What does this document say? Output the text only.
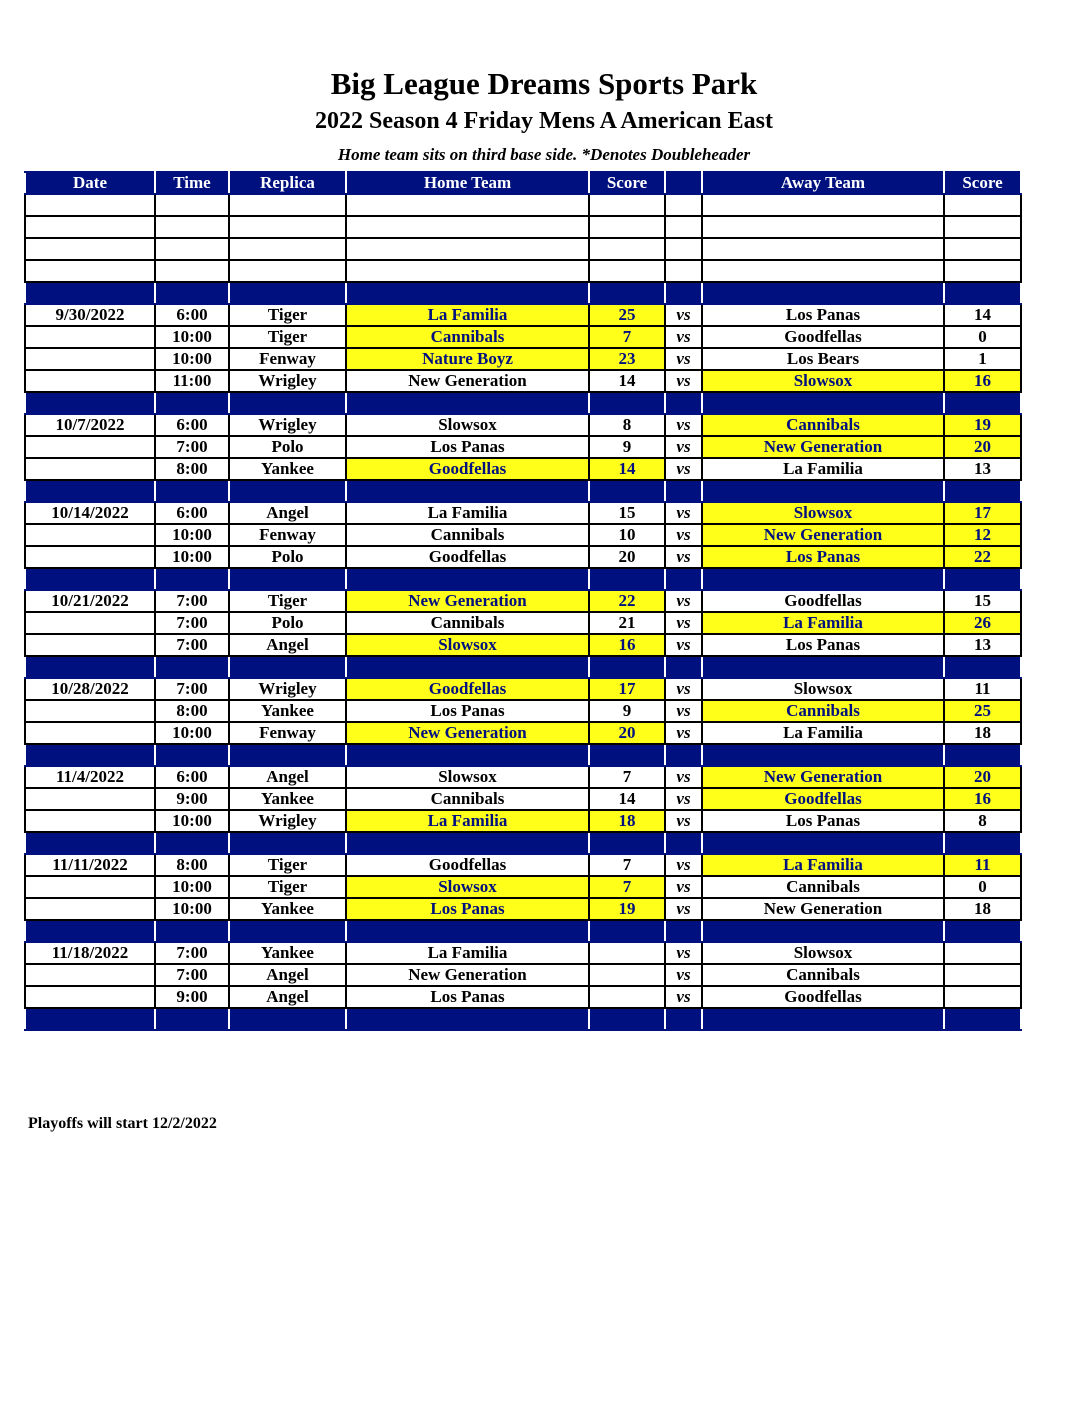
Big League Dreams Sports Park
2022 Season 4 Friday Mens A American East
Home team sits on third base side. *Denotes Doubleheader
Date	Time	Replica	Home Team	Score		Away Team	Score

9/30/2022	6:00	Tiger	La Familia	25	vs	Los Panas	14
	10:00	Tiger	Cannibals	7	vs	Goodfellas	0
	10:00	Fenway	Nature Boyz	23	vs	Los Bears	1
	11:00	Wrigley	New Generation	14	vs	Slowsox	16

10/7/2022	6:00	Wrigley	Slowsox	8	vs	Cannibals	19
	7:00	Polo	Los Panas	9	vs	New Generation	20
	8:00	Yankee	Goodfellas	14	vs	La Familia	13

10/14/2022	6:00	Angel	La Familia	15	vs	Slowsox	17
	10:00	Fenway	Cannibals	10	vs	New Generation	12
	10:00	Polo	Goodfellas	20	vs	Los Panas	22

10/21/2022	7:00	Tiger	New Generation	22	vs	Goodfellas	15
	7:00	Polo	Cannibals	21	vs	La Familia	26
	7:00	Angel	Slowsox	16	vs	Los Panas	13

10/28/2022	7:00	Wrigley	Goodfellas	17	vs	Slowsox	11
	8:00	Yankee	Los Panas	9	vs	Cannibals	25
	10:00	Fenway	New Generation	20	vs	La Familia	18

11/4/2022	6:00	Angel	Slowsox	7	vs	New Generation	20
	9:00	Yankee	Cannibals	14	vs	Goodfellas	16
	10:00	Wrigley	La Familia	18	vs	Los Panas	8

11/11/2022	8:00	Tiger	Goodfellas	7	vs	La Familia	11
	10:00	Tiger	Slowsox	7	vs	Cannibals	0
	10:00	Yankee	Los Panas	19	vs	New Generation	18

11/18/2022	7:00	Yankee	La Familia		vs	Slowsox	
	7:00	Angel	New Generation		vs	Cannibals	
	9:00	Angel	Los Panas		vs	Goodfellas	

Playoffs will start 12/2/2022
